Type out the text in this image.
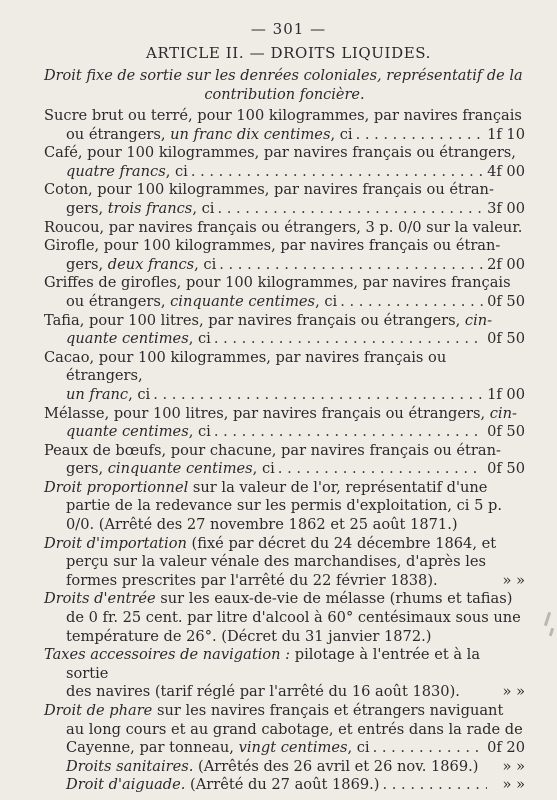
— 301 —
ARTICLE II. — DROITS LIQUIDES.

Droit fixe de sortie sur les denrées coloniales, représentatif de la
contribution foncière.

Sucre brut ou terré, pour 100 kilogrammes, par navires français
ou étrangers, un franc dix centimes, ci . . .	1f 10

Café, pour 100 kilogrammes, par navires français ou étrangers,
quatre francs, ci . . .	4f 00

Coton, pour 100 kilogrammes, par navires français ou étran-
gers, trois francs, ci . . .	3f 00

Roucou, par navires français ou étrangers, 3 p. 0/0 sur la valeur.

Girofle, pour 100 kilogrammes, par navires français ou étran-
gers, deux francs, ci . . .	2f 00

Griffes de girofles, pour 100 kilogrammes, par navires français
ou étrangers, cinquante centimes, ci . . .	0f 50

Tafia, pour 100 litres, par navires français ou étrangers, cin-
quante centimes, ci . . .	0f 50

Cacao, pour 100 kilogrammes, par navires français ou étrangers,
un franc, ci . . .	1f 00

Mélasse, pour 100 litres, par navires français ou étrangers, cin-
quante centimes, ci . . .	0f 50

Peaux de bœufs, pour chacune, par navires français ou étran-
gers, cinquante centimes, ci . . .	0f 50

Droit proportionnel sur la valeur de l'or, représentatif d'une partie de la redevance sur les permis d'exploitation, ci 5 p. 0/0. (Arrêté des 27 novembre 1862 et 25 août 1871.)

Droit d'importation (fixé par décret du 24 décembre 1864, et perçu sur la valeur vénale des marchandises, d'après les formes prescrites par l'arrêté du 22 février 1838).	» »

Droits d'entrée sur les eaux-de-vie de mélasse (rhums et tafias) de 0 fr. 25 cent. par litre d'alcool à 60° centésimaux sous une température de 26°. (Décret du 31 janvier 1872.)

Taxes accessoires de navigation : pilotage à l'entrée et à la sortie
des navires (tarif réglé par l'arrêté du 16 août 1830).	» »

Droit de phare sur les navires français et étrangers naviguant au long cours et au grand cabotage, et entrés dans la rade de
Cayenne, par tonneau, vingt centimes, ci . . .	0f 20

Droits sanitaires. (Arrêtés des 26 avril et 26 nov. 1869.)	» »

Droit d'aiguade. (Arrêté du 27 août 1869.) . . .	» »
